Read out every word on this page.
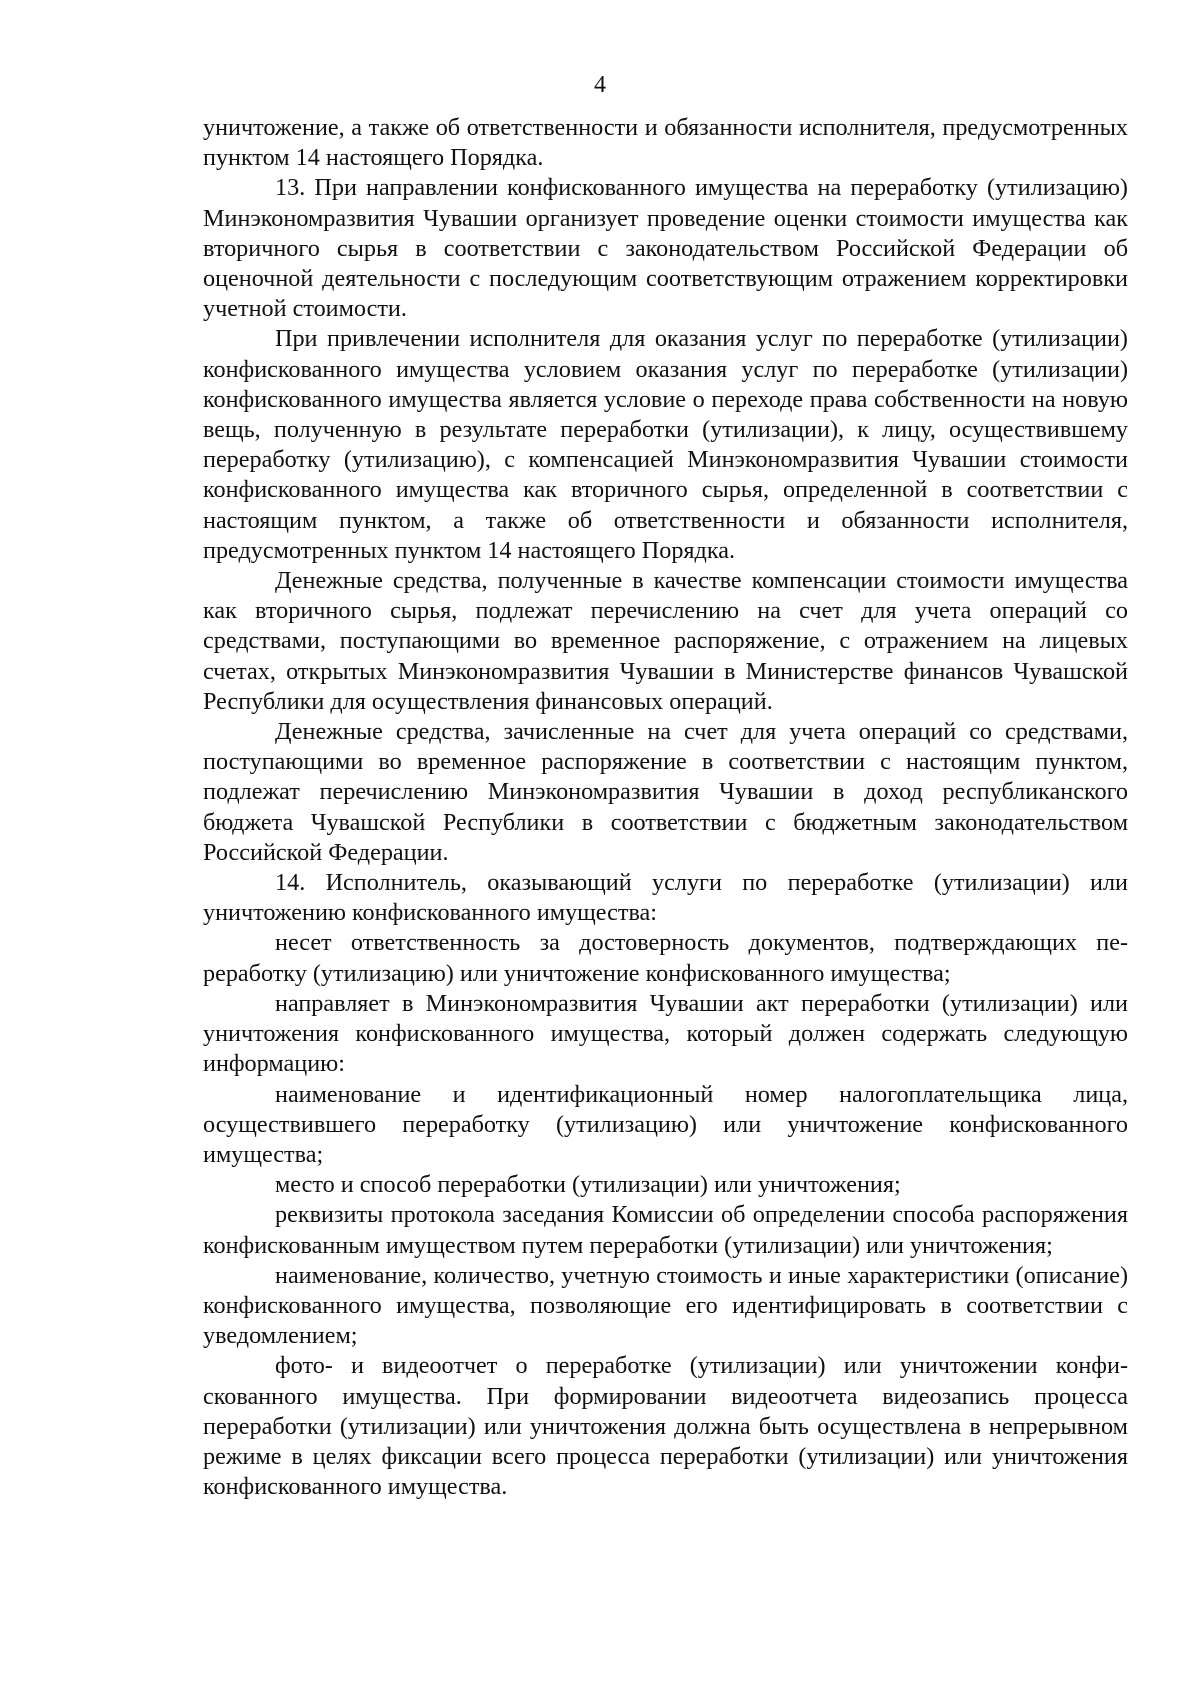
4

уничтожение, а также об ответственности и обязанности исполнителя, предусмотренных пунктом 14 настоящего Порядка.

13. При направлении конфискованного имущества на переработку (утилизацию) Минэкономразвития Чувашии организует проведение оценки стоимости имущества как вторичного сырья в соответствии с законодательством Российской Федерации об оценочной деятельности с последующим соответствующим отражением корректировки учетной стоимости.

При привлечении исполнителя для оказания услуг по переработке (утилизации) конфискованного имущества условием оказания услуг по переработке (утилизации) конфискованного имущества является условие о переходе права собственности на новую вещь, полученную в результате переработки (утилизации), к лицу, осуществившему переработку (утилизацию), с компенсацией Минэкономразвития Чувашии стоимости конфискованного имущества как вторичного сырья, определенной в соответствии с настоящим пунктом, а также об ответственности и обязанности исполнителя, предусмотренных пунктом 14 настоящего Порядка.

Денежные средства, полученные в качестве компенсации стоимости имущества как вторичного сырья, подлежат перечислению на счет для учета операций со средствами, поступающими во временное распоряжение, с отражением на лицевых счетах, открытых Минэкономразвития Чувашии в Министерстве финансов Чувашской Республики для осуществления финансовых операций.

Денежные средства, зачисленные на счет для учета операций со средствами, поступающими во временное распоряжение в соответствии с настоящим пунктом, подлежат перечислению Минэкономразвития Чувашии в доход республиканского бюджета Чувашской Республики в соответствии с бюджетным законодательством Российской Федерации.

14. Исполнитель, оказывающий услуги по переработке (утилизации) или уничтожению конфискованного имущества:

несет ответственность за достоверность документов, подтверждающих переработку (утилизацию) или уничтожение конфискованного имущества;

направляет в Минэкономразвития Чувашии акт переработки (утилизации) или уничтожения конфискованного имущества, который должен содержать следующую информацию:

наименование и идентификационный номер налогоплательщика лица, осуществившего переработку (утилизацию) или уничтожение конфискованного имущества;

место и способ переработки (утилизации) или уничтожения;

реквизиты протокола заседания Комиссии об определении способа распоряжения конфискованным имуществом путем переработки (утилизации) или уничтожения;

наименование, количество, учетную стоимость и иные характеристики (описание) конфискованного имущества, позволяющие его идентифицировать в соответствии с уведомлением;

фото- и видеоотчет о переработке (утилизации) или уничтожении конфискованного имущества. При формировании видеоотчета видеозапись процесса переработки (утилизации) или уничтожения должна быть осуществлена в непрерывном режиме в целях фиксации всего процесса переработки (утилизации) или уничтожения конфискованного имущества.
